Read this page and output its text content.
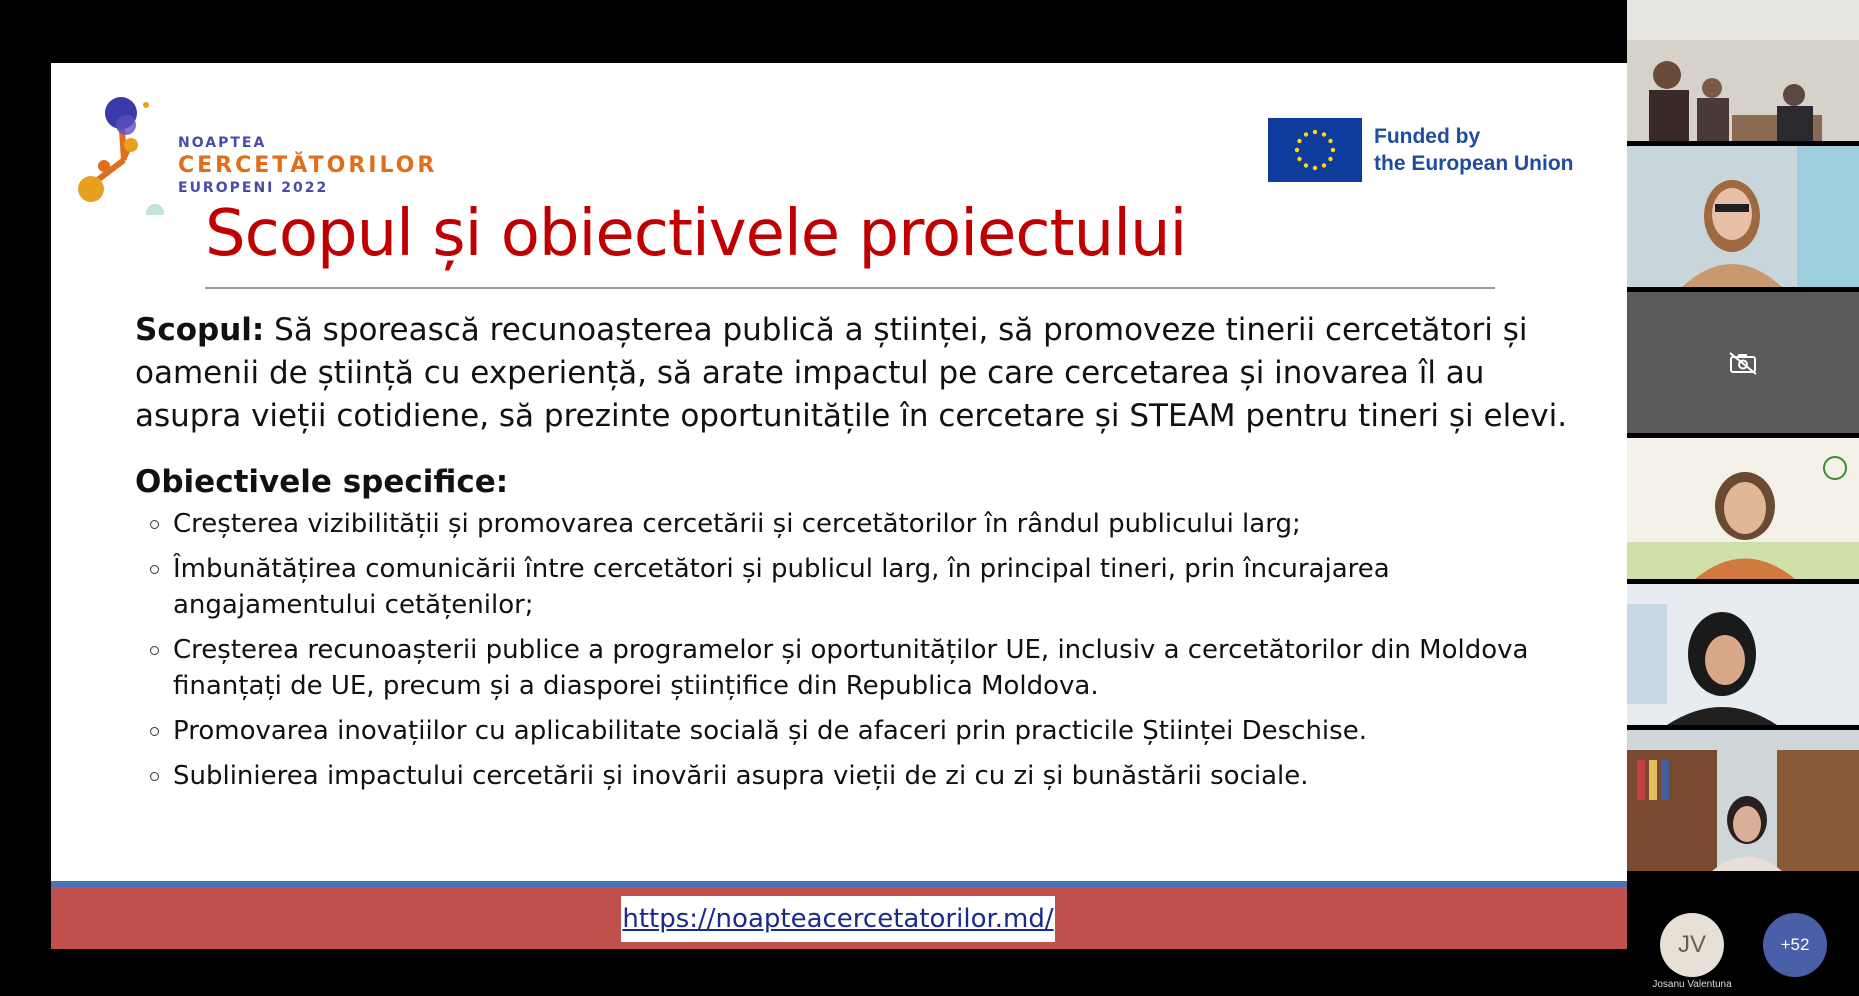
NOAPTEA
CERCETĂTORILOR
EUROPENI 2022
Funded by
the European Union
Scopul și obiectivele proiectului

Scopul: Să sporească recunoașterea publică a științei, să promoveze tinerii cercetători și oamenii de știință cu experiență, să arate impactul pe care cercetarea și inovarea îl au asupra vieții cotidiene, să prezinte oportunitățile în cercetare și STEAM pentru tineri și elevi.

Obiectivele specifice:
Creșterea vizibilității și promovarea cercetării și cercetătorilor în rândul publicului larg;
Îmbunătățirea comunicării între cercetători și publicul larg, în principal tineri, prin încurajarea angajamentului cetățenilor;
Creșterea recunoașterii publice a programelor și oportunităților UE, inclusiv a cercetătorilor din Moldova finanțați de UE, precum și a diasporei științifice din Republica Moldova.
Promovarea inovațiilor cu aplicabilitate socială și de afaceri prin practicile Științei Deschise.
Sublinierea impactului cercetării și inovării asupra vieții de zi cu zi și bunăstării sociale.
https://noapteacercetatorilor.md/
JV	+52
Josanu Valentuna
